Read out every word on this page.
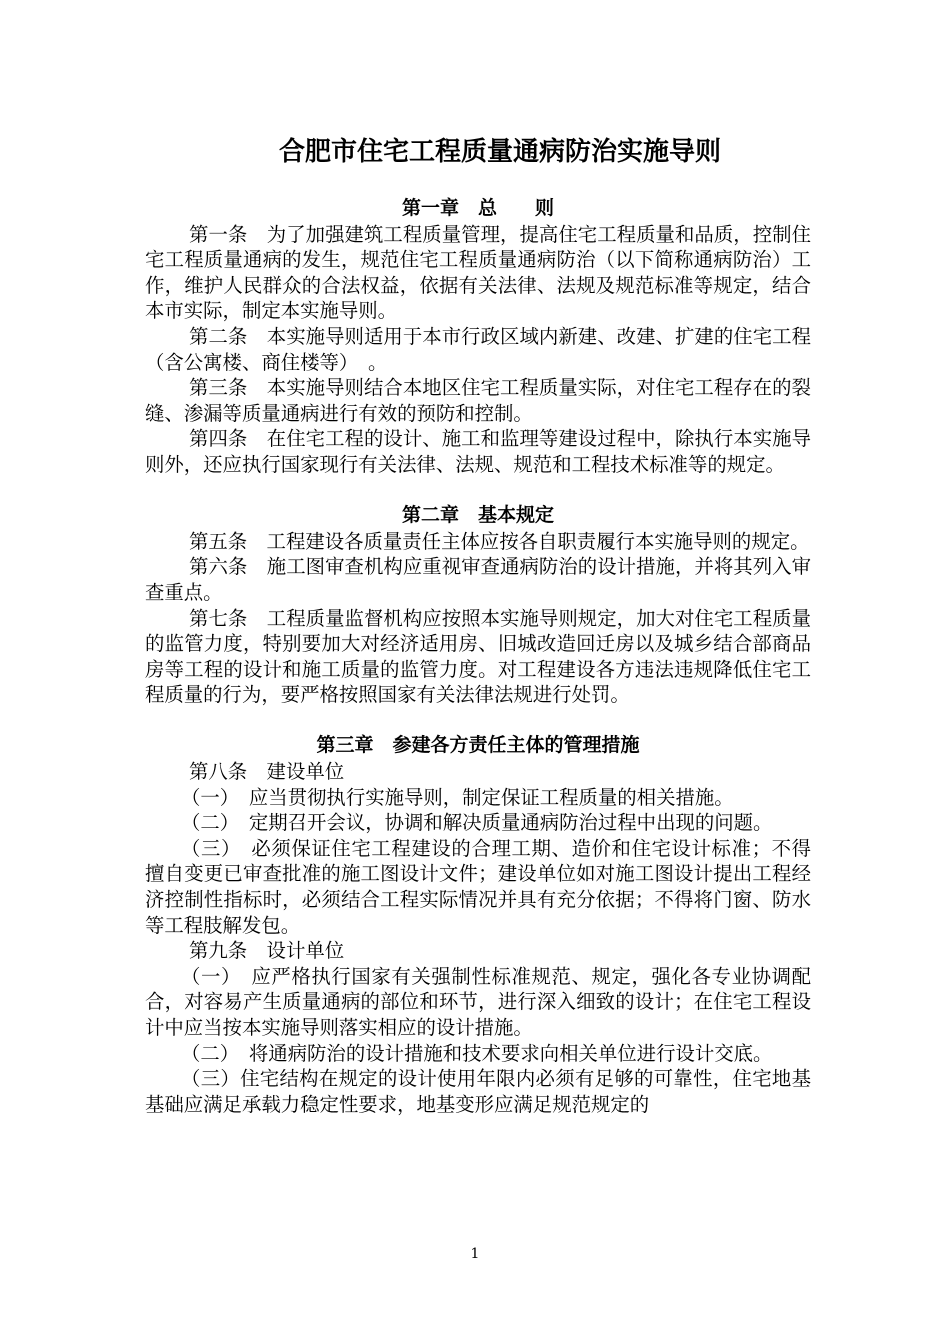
合肥市住宅工程质量通病防治实施导则
第一章　总　　则

第一条　为了加强建筑工程质量管理，提高住宅工程质量和品质，控制住宅工程质量通病的发生，规范住宅工程质量通病防治（以下简称通病防治）工作，维护人民群众的合法权益，依据有关法律、法规及规范标准等规定，结合本市实际，制定本实施导则。

第二条　本实施导则适用于本市行政区域内新建、改建、扩建的住宅工程（含公寓楼、商住楼等）　。

第三条　本实施导则结合本地区住宅工程质量实际，对住宅工程存在的裂缝、渗漏等质量通病进行有效的预防和控制。

第四条　在住宅工程的设计、施工和监理等建设过程中，除执行本实施导则外，还应执行国家现行有关法律、法规、规范和工程技术标准等的规定。

第二章　基本规定

第五条　工程建设各质量责任主体应按各自职责履行本实施导则的规定。

第六条　施工图审查机构应重视审查通病防治的设计措施，并将其列入审查重点。

第七条　工程质量监督机构应按照本实施导则规定，加大对住宅工程质量的监管力度，特别要加大对经济适用房、旧城改造回迁房以及城乡结合部商品房等工程的设计和施工质量的监管力度。对工程建设各方违法违规降低住宅工程质量的行为，要严格按照国家有关法律法规进行处罚。

第三章　参建各方责任主体的管理措施

第八条　建设单位

（一）　应当贯彻执行实施导则，制定保证工程质量的相关措施。

（二）　定期召开会议，协调和解决质量通病防治过程中出现的问题。

（三）　必须保证住宅工程建设的合理工期、造价和住宅设计标准；不得擅自变更已审查批准的施工图设计文件；建设单位如对施工图设计提出工程经济控制性指标时，必须结合工程实际情况并具有充分依据；不得将门窗、防水等工程肢解发包。

第九条　设计单位

（一）　应严格执行国家有关强制性标准规范、规定，强化各专业协调配合，对容易产生质量通病的部位和环节，进行深入细致的设计；在住宅工程设计中应当按本实施导则落实相应的设计措施。

（二）　将通病防治的设计措施和技术要求向相关单位进行设计交底。

（三）住宅结构在规定的设计使用年限内必须有足够的可靠性，住宅地基基础应满足承载力稳定性要求，地基变形应满足规范规定的

1
